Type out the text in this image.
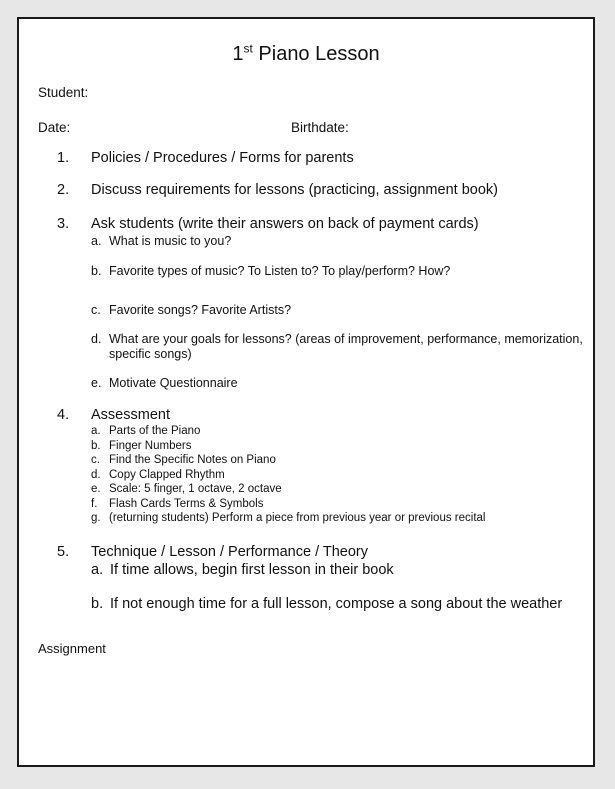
1st Piano Lesson
Student:
Date:	Birthdate:
1.	Policies / Procedures / Forms for parents
2.	Discuss requirements for lessons (practicing, assignment book)
3.	Ask students (write their answers on back of payment cards)
a. What is music to you?
b. Favorite types of music? To Listen to? To play/perform? How?
c. Favorite songs? Favorite Artists?
d. What are your goals for lessons? (areas of improvement, performance, memorization,
specific songs)
e. Motivate Questionnaire
4.	Assessment
a. Parts of the Piano
b. Finger Numbers
c. Find the Specific Notes on Piano
d. Copy Clapped Rhythm
e. Scale: 5 finger, 1 octave, 2 octave
f. Flash Cards Terms & Symbols
g. (returning students) Perform a piece from previous year or previous recital
5.	Technique / Lesson / Performance / Theory
a. If time allows, begin first lesson in their book
b. If not enough time for a full lesson, compose a song about the weather
Assignment
